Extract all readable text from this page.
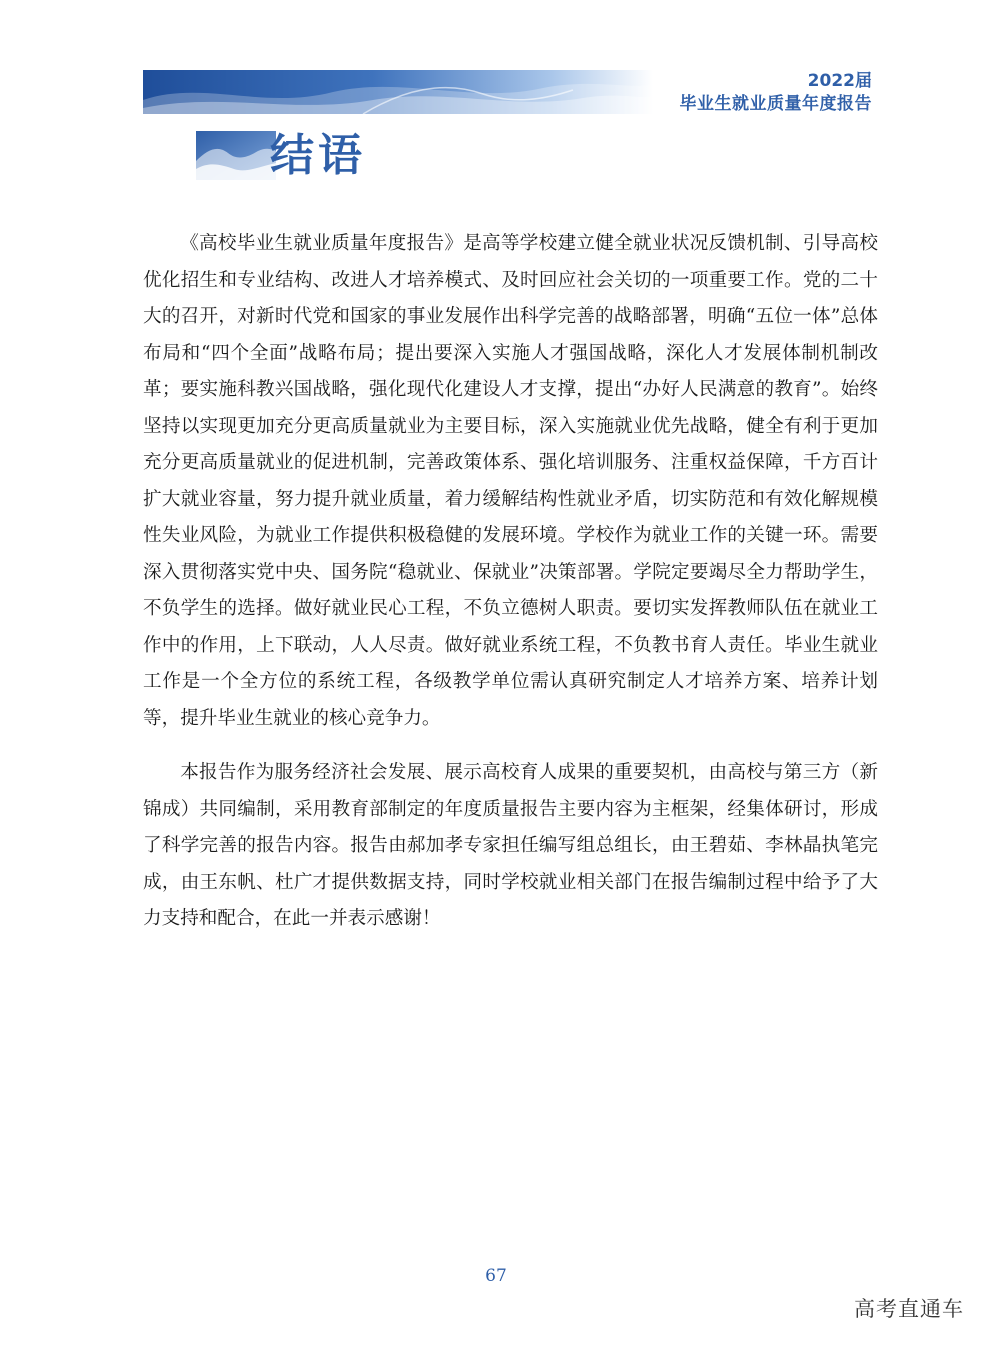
2022届
毕业生就业质量年度报告
结语

《高校毕业生就业质量年度报告》是高等学校建立健全就业状况反馈机制、引导高校优化招生和专业结构、改进人才培养模式、及时回应社会关切的一项重要工作。党的二十大的召开，对新时代党和国家的事业发展作出科学完善的战略部署，明确“五位一体”总体布局和“四个全面”战略布局；提出要深入实施人才强国战略，深化人才发展体制机制改革；要实施科教兴国战略，强化现代化建设人才支撑，提出“办好人民满意的教育”。始终坚持以实现更加充分更高质量就业为主要目标，深入实施就业优先战略，健全有利于更加充分更高质量就业的促进机制，完善政策体系、强化培训服务、注重权益保障，千方百计扩大就业容量，努力提升就业质量，着力缓解结构性就业矛盾，切实防范和有效化解规模性失业风险，为就业工作提供积极稳健的发展环境。学校作为就业工作的关键一环。需要深入贯彻落实党中央、国务院“稳就业、保就业”决策部署。学院定要竭尽全力帮助学生，不负学生的选择。做好就业民心工程，不负立德树人职责。要切实发挥教师队伍在就业工作中的作用，上下联动，人人尽责。做好就业系统工程，不负教书育人责任。毕业生就业工作是一个全方位的系统工程，各级教学单位需认真研究制定人才培养方案、培养计划等，提升毕业生就业的核心竞争力。

本报告作为服务经济社会发展、展示高校育人成果的重要契机，由高校与第三方（新锦成）共同编制，采用教育部制定的年度质量报告主要内容为主框架，经集体研讨，形成了科学完善的报告内容。报告由郝加孝专家担任编写组总组长，由王碧茹、李林晶执笔完成，由王东帆、杜广才提供数据支持，同时学校就业相关部门在报告编制过程中给予了大力支持和配合，在此一并表示感谢！

67
高考直通车
